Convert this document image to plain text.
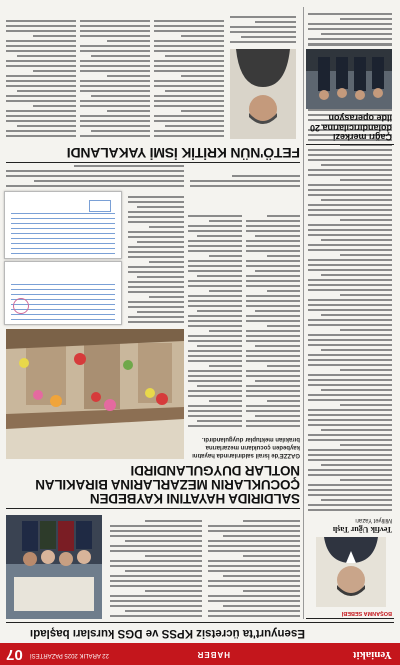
Yeniakit
HABER
22 ARALIK 2025 PAZARTESİ
07
Esenyurt'ta ücretsiz KPSS ve DGS kursları başladı
BOŞANMA SEBEBİ
Tevfik Uğur Taşlı
Milliyet Yazarı
SALDIRIDA HAYATINI KAYBEDEN ÇOCUKLARIN MEZARLARINA BIRAKILAN NOTLAR DUYGULANDIRDI
GAZZE'de İsrail saldırılarında hayatını kaybeden çocukların mezarlarına bırakılan mektuplar duygulandırdı.
FETÖ'NÜN KRİTİK İSMİ YAKALANDI
Çağrı merkezi dolandırıcılarına 20 ilde operasyon
